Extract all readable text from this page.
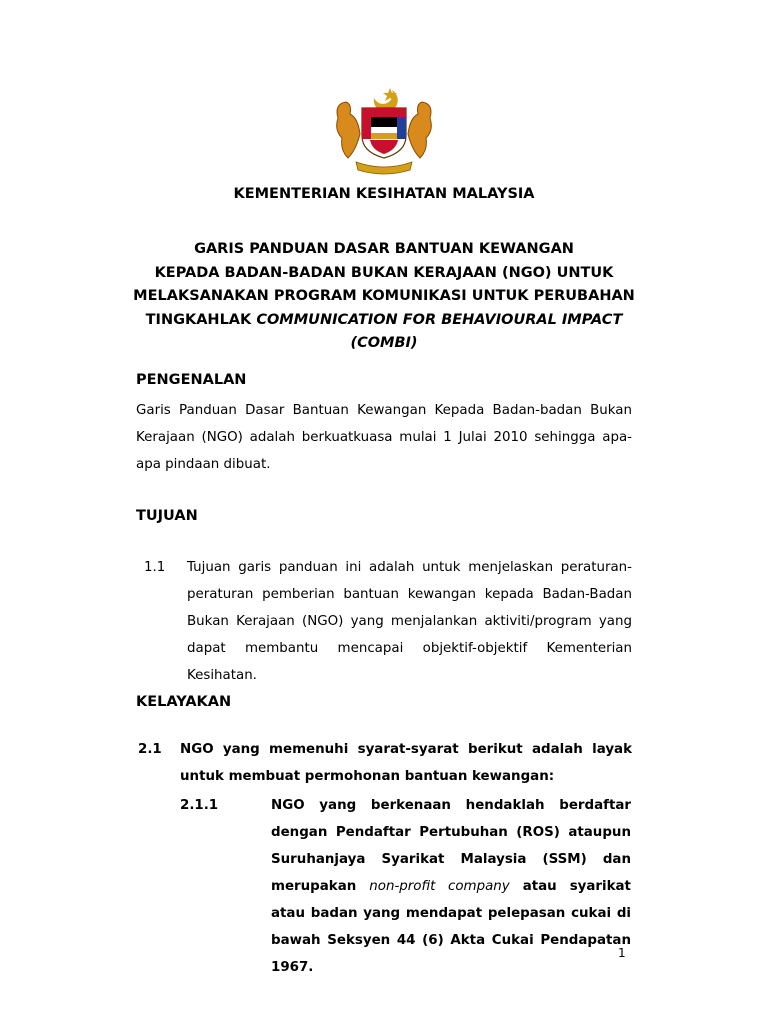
KEMENTERIAN KESIHATAN MALAYSIA
GARIS PANDUAN DASAR BANTUAN KEWANGAN
KEPADA BADAN-BADAN BUKAN KERAJAAN (NGO) UNTUK
MELAKSANAKAN PROGRAM KOMUNIKASI UNTUK PERUBAHAN
TINGKAHLAK COMMUNICATION FOR BEHAVIOURAL IMPACT
(COMBI)
PENGENALAN
Garis Panduan Dasar Bantuan Kewangan Kepada Badan-badan Bukan Kerajaan (NGO) adalah berkuatkuasa mulai 1 Julai 2010 sehingga apa-apa pindaan dibuat.
TUJUAN
1.1 Tujuan garis panduan ini adalah untuk menjelaskan peraturan-peraturan pemberian bantuan kewangan kepada Badan-Badan Bukan Kerajaan (NGO) yang menjalankan aktiviti/program yang dapat membantu mencapai objektif-objektif Kementerian Kesihatan.
KELAYAKAN
2.1 NGO yang memenuhi syarat-syarat berikut adalah layak untuk membuat permohonan bantuan kewangan:
2.1.1	NGO yang berkenaan hendaklah berdaftar dengan Pendaftar Pertubuhan (ROS) ataupun Suruhanjaya Syarikat Malaysia (SSM) dan merupakan non-profit company atau syarikat atau badan yang mendapat pelepasan cukai di bawah Seksyen 44 (6) Akta Cukai Pendapatan 1967.
1
